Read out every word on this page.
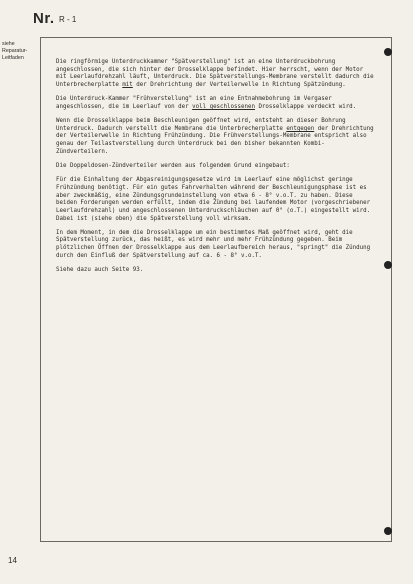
Nr. R - 1
siehe
Reparatur-
Leitfaden

Die ringförmige Unterdruckkammer "Spätverstellung" ist an eine Unterdruckbohrung angeschlossen, die sich hinter der Drosselklappe befindet. Hier herrscht, wenn der Motor mit Leerlaufdrehzahl läuft, Unterdruck. Die Spätverstellungs-Membrane verstellt dadurch die Unterbrecherplatte mit der Drehrichtung der Verteilerwelle in Richtung Spätzündung.

Die Unterdruck-Kammer "Frühverstellung" ist an eine Entnahmebohrung im Vergaser angeschlossen, die im Leerlauf von der voll geschlossenen Drosselklappe verdeckt wird.

Wenn die Drosselklappe beim Beschleunigen geöffnet wird, entsteht an dieser Bohrung Unterdruck. Dadurch verstellt die Membrane die Unterbrecherplatte entgegen der Drehrichtung der Verteilerwelle in Richtung Frühzündung. Die Frühverstellungs-Membrane entspricht also genau der Teilastverstellung durch Unterdruck bei den bisher bekannten Kombi-Zündverteilern.

Die Doppeldosen-Zündverteiler werden aus folgendem Grund eingebaut:

Für die Einhaltung der Abgasreinigungsgesetze wird im Leerlauf eine möglichst geringe Frühzündung benötigt. Für ein gutes Fahrverhalten während der Beschleunigungsphase ist es aber zweckmäßig, eine Zündungsgrundeinstellung von etwa 6 - 8° v.o.T. zu haben. Diese beiden Forderungen werden erfüllt, indem die Zündung bei laufendem Motor (vorgeschriebener Leerlaufdrehzahl) und angeschlossenen Unterdruckschläuchen auf 0° (o.T.) eingestellt wird. Dabei ist (siehe oben) die Spätverstellung voll wirksam.

In dem Moment, in dem die Drosselklappe um ein bestimmtes Maß geöffnet wird, geht die Spätverstellung zurück, das heißt, es wird mehr und mehr Frühzündung gegeben. Beim plötzlichen Öffnen der Drosselklappe aus dem Leerlaufbereich heraus, "springt" die Zündung durch den Einfluß der Spätverstellung auf ca. 6 - 8° v.o.T.

Siehe dazu auch Seite 93.

14
